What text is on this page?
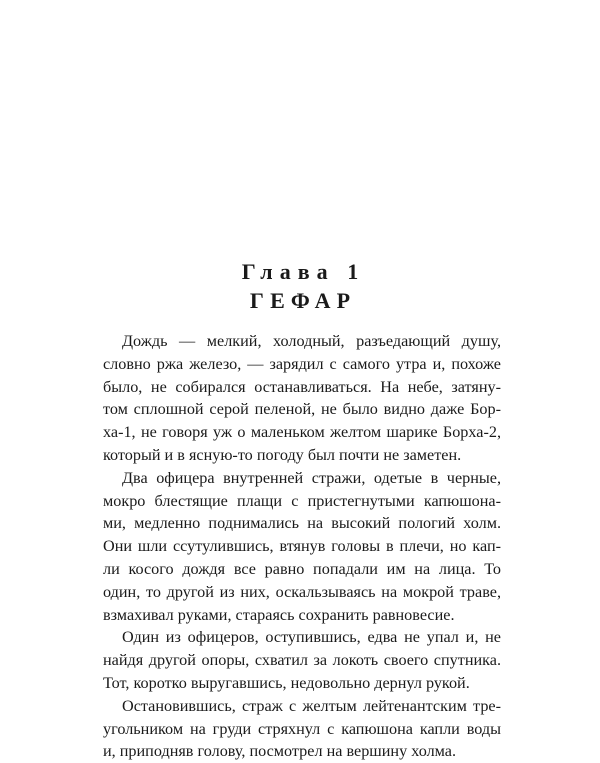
Глава 1
ГЕФАР
Дождь — мелкий, холодный, разъедающий душу,
словно ржа железо, — зарядил с самого утра и, похоже
было, не собирался останавливаться. На небе, затяну-
том сплошной серой пеленой, не было видно даже Бор-
ха-1, не говоря уж о маленьком желтом шарике Борха-2,
который и в ясную-то погоду был почти не заметен.
Два офицера внутренней стражи, одетые в черные,
мокро блестящие плащи с пристегнутыми капюшона-
ми, медленно поднимались на высокий пологий холм.
Они шли ссутулившись, втянув головы в плечи, но кап-
ли косого дождя все равно попадали им на лица. То
один, то другой из них, оскальзываясь на мокрой траве,
взмахивал руками, стараясь сохранить равновесие.
Один из офицеров, оступившись, едва не упал и, не
найдя другой опоры, схватил за локоть своего спутника.
Тот, коротко выругавшись, недовольно дернул рукой.
Остановившись, страж с желтым лейтенантским тре-
угольником на груди стряхнул с капюшона капли воды
и, приподняв голову, посмотрел на вершину холма.
